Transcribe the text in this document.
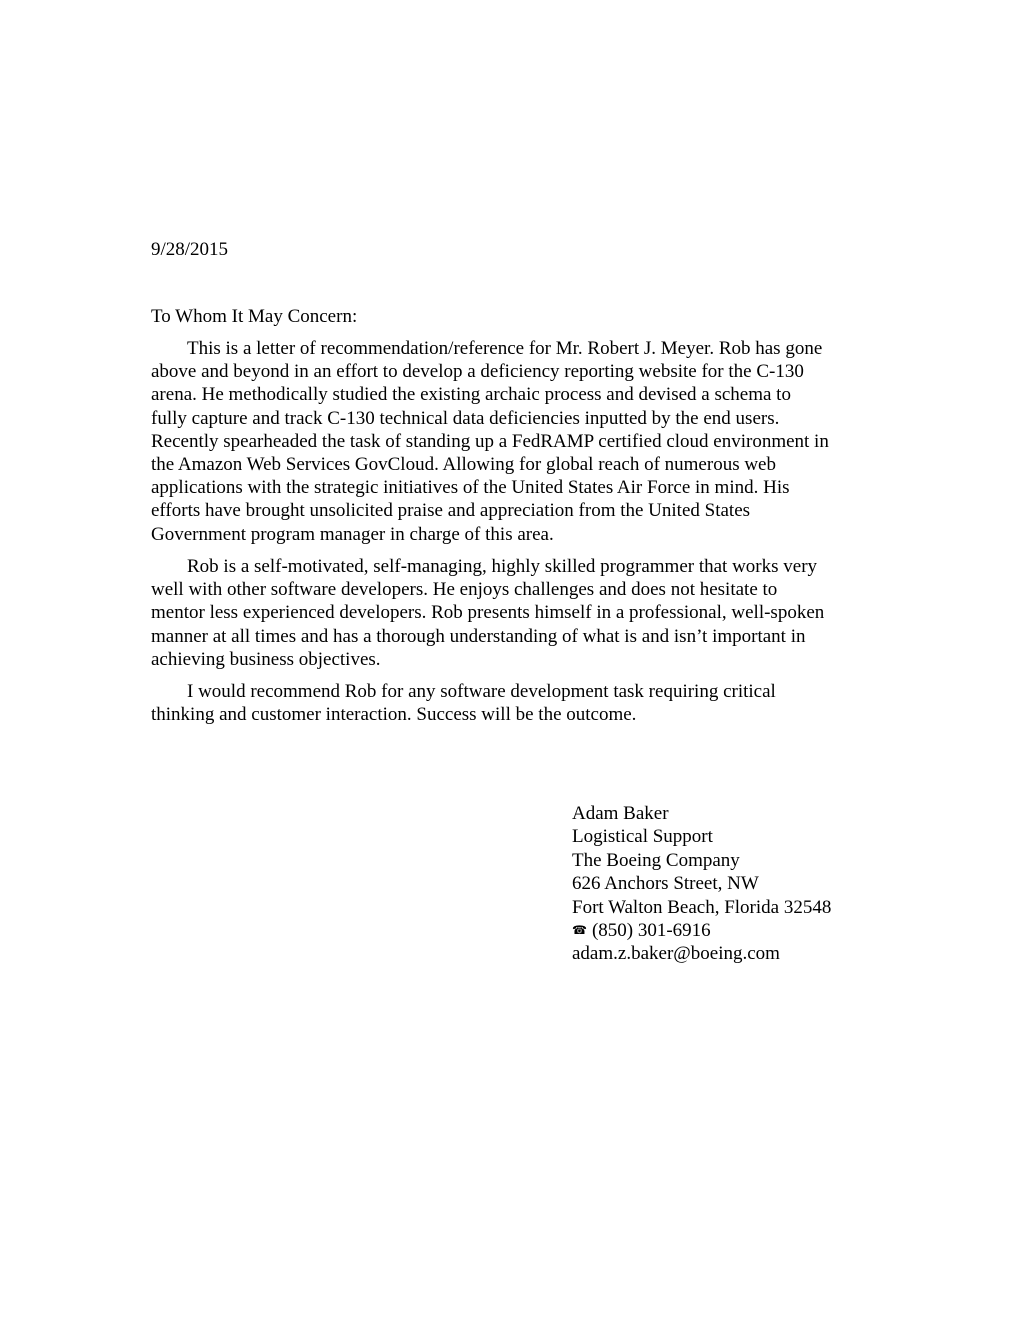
9/28/2015
To Whom It May Concern:
This is a letter of recommendation/reference for Mr. Robert J. Meyer. Rob has gone
above and beyond in an effort to develop a deficiency reporting website for the C-130
arena. He methodically studied the existing archaic process and devised a schema to
fully capture and track C-130 technical data deficiencies inputted by the end users.
Recently spearheaded the task of standing up a FedRAMP certified cloud environment in
the Amazon Web Services GovCloud. Allowing for global reach of numerous web
applications with the strategic initiatives of the United States Air Force in mind. His
efforts have brought unsolicited praise and appreciation from the United States
Government program manager in charge of this area.
Rob is a self-motivated, self-managing, highly skilled programmer that works very
well with other software developers. He enjoys challenges and does not hesitate to
mentor less experienced developers. Rob presents himself in a professional, well-spoken
manner at all times and has a thorough understanding of what is and isn’t important in
achieving business objectives.
I would recommend Rob for any software development task requiring critical
thinking and customer interaction. Success will be the outcome.
Adam Baker
Logistical Support
The Boeing Company
626 Anchors Street, NW
Fort Walton Beach, Florida 32548
☎ (850) 301-6916
adam.z.baker@boeing.com
